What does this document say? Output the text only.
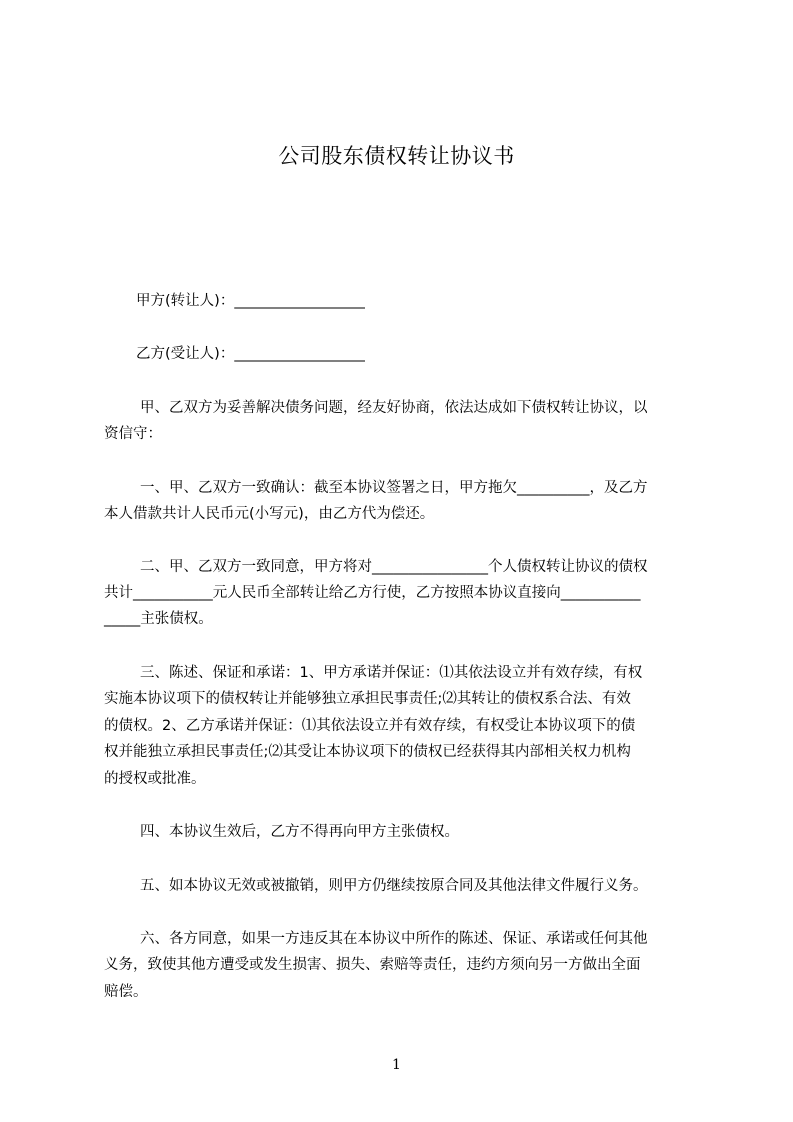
公司股东债权转让协议书
甲方(转让人)：__________________
乙方(受让人)：__________________
甲、乙双方为妥善解决债务问题，经友好协商，依法达成如下债权转让协议，以
资信守：
一、甲、乙双方一致确认：截至本协议签署之日，甲方拖欠__________，及乙方
本人借款共计人民币元(小写元)，由乙方代为偿还。
二、甲、乙双方一致同意，甲方将对________________个人债权转让协议的债权
共计___________元人民币全部转让给乙方行使，乙方按照本协议直接向___________
_____主张债权。
三、陈述、保证和承诺：1、甲方承诺并保证：⑴其依法设立并有效存续，有权
实施本协议项下的债权转让并能够独立承担民事责任;⑵其转让的债权系合法、有效
的债权。2、乙方承诺并保证：⑴其依法设立并有效存续，有权受让本协议项下的债
权并能独立承担民事责任;⑵其受让本协议项下的债权已经获得其内部相关权力机构
的授权或批准。
四、本协议生效后，乙方不得再向甲方主张债权。
五、如本协议无效或被撤销，则甲方仍继续按原合同及其他法律文件履行义务。
六、各方同意，如果一方违反其在本协议中所作的陈述、保证、承诺或任何其他
义务，致使其他方遭受或发生损害、损失、索赔等责任，违约方须向另一方做出全面
赔偿。
1
